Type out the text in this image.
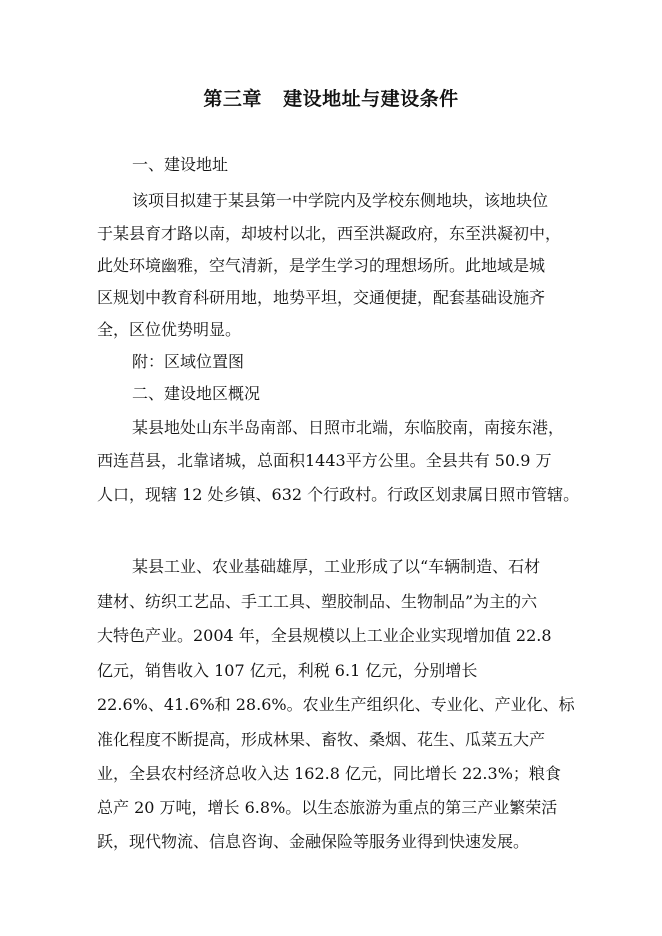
第三章   建设地址与建设条件
一、建设地址
该项目拟建于某县第一中学院内及学校东侧地块，该地块位
于某县育才路以南，却坡村以北，西至洪凝政府，东至洪凝初中，
此处环境幽雅，空气清新，是学生学习的理想场所。此地域是城
区规划中教育科研用地，地势平坦，交通便捷，配套基础设施齐
全，区位优势明显。
附：区域位置图
二、建设地区概况
某县地处山东半岛南部、日照市北端，东临胶南，南接东港，
西连莒县，北靠诸城，总面积1443平方公里。全县共有 50.9 万
人口，现辖 12 处乡镇、632 个行政村。行政区划隶属日照市管辖。
某县工业、农业基础雄厚，工业形成了以“车辆制造、石材
建材、纺织工艺品、手工工具、塑胶制品、生物制品”为主的六
大特色产业。2004 年，全县规模以上工业企业实现增加值 22.8
亿元，销售收入 107 亿元，利税 6.1 亿元，分别增长
22.6%、41.6%和 28.6%。农业生产组织化、专业化、产业化、标
准化程度不断提高，形成林果、畜牧、桑烟、花生、瓜菜五大产
业，全县农村经济总收入达 162.8 亿元，同比增长 22.3%；粮食
总产 20 万吨，增长 6.8%。以生态旅游为重点的第三产业繁荣活
跃，现代物流、信息咨询、金融保险等服务业得到快速发展。
